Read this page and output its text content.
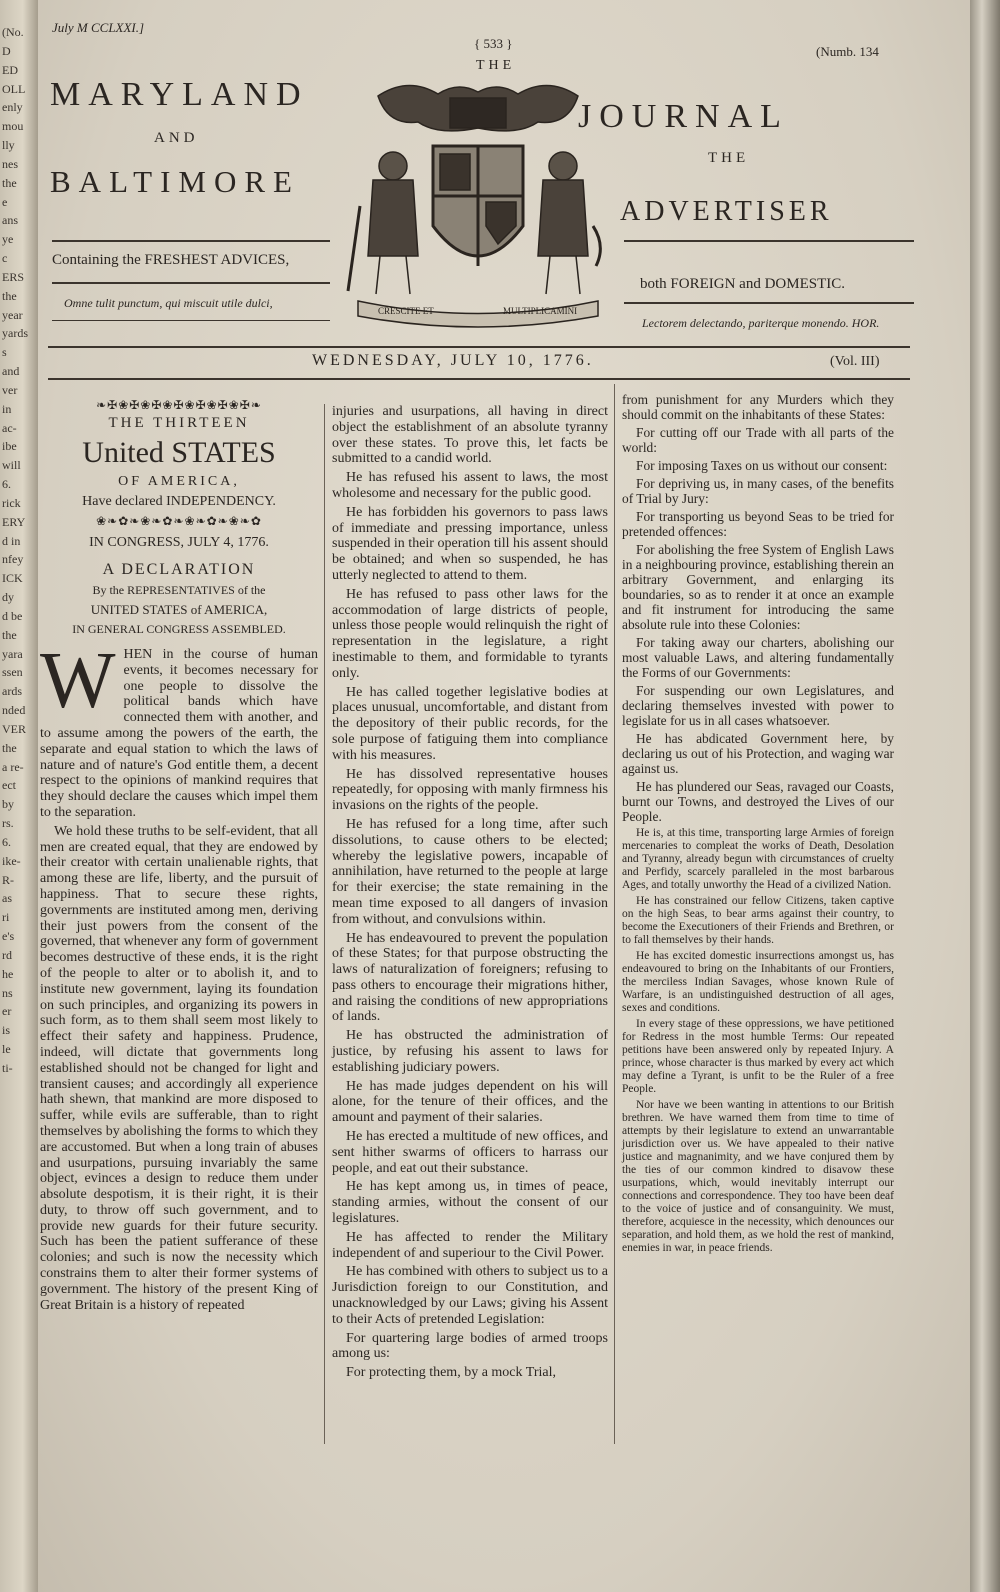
(No.
D
ED
OLL
enly
mou
lly
nes
the
e
ans
ye
c
ERS
the
year
yards
s
and
ver
in
ac-
ibe
will
6.
rick
ERY
d in
nfey
ICK
dy
d be
the
yara
ssen
ards
nded
VER
the
a re-
ect
by
rs.
6.
ike-
R-
as
ri
e's
rd
he
ns
er
is
le
ti-
July M CCLXXI.]
{ 533 }
(Numb. 134
THE
MARYLAND
AND
BALTIMORE
JOURNAL
THE
ADVERTISER
CRESCITE ET	MULTIPLICAMINI
Containing the FRESHEST ADVICES,
both FOREIGN and DOMESTIC.
Omne tulit punctum, qui miscuit utile dulci,
Lectorem delectando, pariterque monendo. HOR.
WEDNESDAY, JULY 10, 1776.	(Vol. III)
❧✠❀✠❀✠❀✠❀✠❀✠❀✠❧
THE THIRTEEN
United STATES
OF AMERICA,
Have declared INDEPENDENCY.
❀❧✿❧❀❧✿❧❀❧✿❧❀❧✿
IN CONGRESS, JULY 4, 1776.
A DECLARATION
By the REPRESENTATIVES of the
UNITED STATES of AMERICA,
IN GENERAL CONGRESS ASSEMBLED.

WHEN in the course of human events, it becomes necessary for one people to dissolve the political bands which have connected them with another, and to assume among the powers of the earth, the separate and equal station to which the laws of nature and of nature's God entitle them, a decent respect to the opinions of mankind requires that they should declare the causes which impel them to the separation.

We hold these truths to be self-evident, that all men are created equal, that they are endowed by their creator with certain unalienable rights, that among these are life, liberty, and the pursuit of happiness. That to secure these rights, governments are instituted among men, deriving their just powers from the consent of the governed, that whenever any form of government becomes destructive of these ends, it is the right of the people to alter or to abolish it, and to institute new government, laying its foundation on such principles, and organizing its powers in such form, as to them shall seem most likely to effect their safety and happiness. Prudence, indeed, will dictate that governments long established should not be changed for light and transient causes; and accordingly all experience hath shewn, that mankind are more disposed to suffer, while evils are sufferable, than to right themselves by abolishing the forms to which they are accustomed. But when a long train of abuses and usurpations, pursuing invariably the same object, evinces a design to reduce them under absolute despotism, it is their right, it is their duty, to throw off such government, and to provide new guards for their future security. Such has been the patient sufferance of these colonies; and such is now the necessity which constrains them to alter their former systems of government. The history of the present King of Great Britain is a history of repeated

injuries and usurpations, all having in direct object the establishment of an absolute tyranny over these states. To prove this, let facts be submitted to a candid world.

He has refused his assent to laws, the most wholesome and necessary for the public good.

He has forbidden his governors to pass laws of immediate and pressing importance, unless suspended in their operation till his assent should be obtained; and when so suspended, he has utterly neglected to attend to them.

He has refused to pass other laws for the accommodation of large districts of people, unless those people would relinquish the right of representation in the legislature, a right inestimable to them, and formidable to tyrants only.

He has called together legislative bodies at places unusual, uncomfortable, and distant from the depository of their public records, for the sole purpose of fatiguing them into compliance with his measures.

He has dissolved representative houses repeatedly, for opposing with manly firmness his invasions on the rights of the people.

He has refused for a long time, after such dissolutions, to cause others to be elected; whereby the legislative powers, incapable of annihilation, have returned to the people at large for their exercise; the state remaining in the mean time exposed to all dangers of invasion from without, and convulsions within.

He has endeavoured to prevent the population of these States; for that purpose obstructing the laws of naturalization of foreigners; refusing to pass others to encourage their migrations hither, and raising the conditions of new appropriations of lands.

He has obstructed the administration of justice, by refusing his assent to laws for establishing judiciary powers.

He has made judges dependent on his will alone, for the tenure of their offices, and the amount and payment of their salaries.

He has erected a multitude of new offices, and sent hither swarms of officers to harrass our people, and eat out their substance.

He has kept among us, in times of peace, standing armies, without the consent of our legislatures.

He has affected to render the Military independent of and superiour to the Civil Power.

He has combined with others to subject us to a Jurisdiction foreign to our Constitution, and unacknowledged by our Laws; giving his Assent to their Acts of pretended Legislation:

For quartering large bodies of armed troops among us:

For protecting them, by a mock Trial,

from punishment for any Murders which they should commit on the inhabitants of these States:

For cutting off our Trade with all parts of the world:

For imposing Taxes on us without our consent:

For depriving us, in many cases, of the benefits of Trial by Jury:

For transporting us beyond Seas to be tried for pretended offences:

For abolishing the free System of English Laws in a neighbouring province, establishing therein an arbitrary Government, and enlarging its boundaries, so as to render it at once an example and fit instrument for introducing the same absolute rule into these Colonies:

For taking away our charters, abolishing our most valuable Laws, and altering fundamentally the Forms of our Governments:

For suspending our own Legislatures, and declaring themselves invested with power to legislate for us in all cases whatsoever.

He has abdicated Government here, by declaring us out of his Protection, and waging war against us.

He has plundered our Seas, ravaged our Coasts, burnt our Towns, and destroyed the Lives of our People.

He is, at this time, transporting large Armies of foreign mercenaries to compleat the works of Death, Desolation and Tyranny, already begun with circumstances of cruelty and Perfidy, scarcely paralleled in the most barbarous Ages, and totally unworthy the Head of a civilized Nation.

He has constrained our fellow Citizens, taken captive on the high Seas, to bear arms against their country, to become the Executioners of their Friends and Brethren, or to fall themselves by their hands.

He has excited domestic insurrections amongst us, has endeavoured to bring on the Inhabitants of our Frontiers, the merciless Indian Savages, whose known Rule of Warfare, is an undistinguished destruction of all ages, sexes and conditions.

In every stage of these oppressions, we have petitioned for Redress in the most humble Terms: Our repeated petitions have been answered only by repeated Injury. A prince, whose character is thus marked by every act which may define a Tyrant, is unfit to be the Ruler of a free People.

Nor have we been wanting in attentions to our British brethren. We have warned them from time to time of attempts by their legislature to extend an unwarrantable jurisdiction over us. We have appealed to their native justice and magnanimity, and we have conjured them by the ties of our common kindred to disavow these usurpations, which, would inevitably interrupt our connections and correspondence. They too have been deaf to the voice of justice and of consanguinity. We must, therefore, acquiesce in the necessity, which denounces our separation, and hold them, as we hold the rest of mankind, enemies in war, in peace friends.
